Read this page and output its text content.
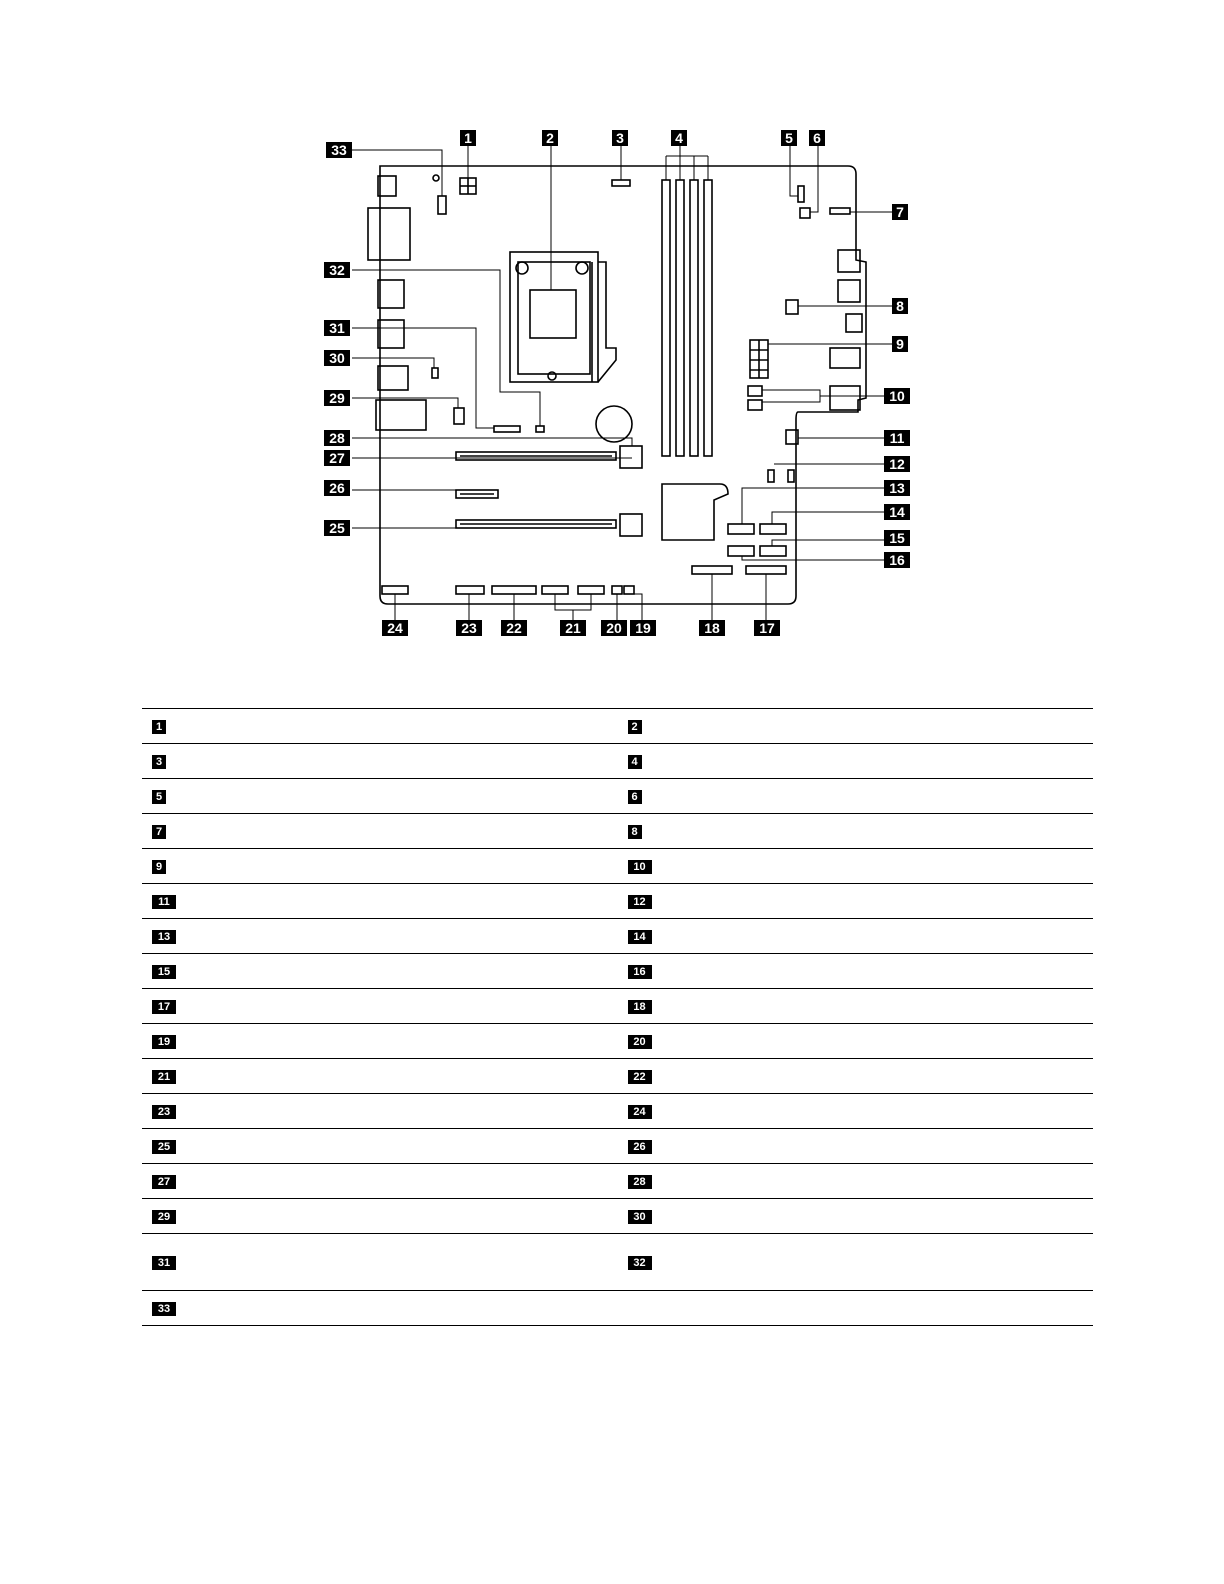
1	2	3	4	5 6
7
8
9
10
11
12
13
14
15
16
17
18
19
20
21
22
23
24
25
26
27
28
29
30
31
32
33
1	2
3	4
5	6
7	8
9	10
11	12
13	14
15	16
17	18
19	20
21	22
23	24
25	26
27	28
29	30
31	32
33	
